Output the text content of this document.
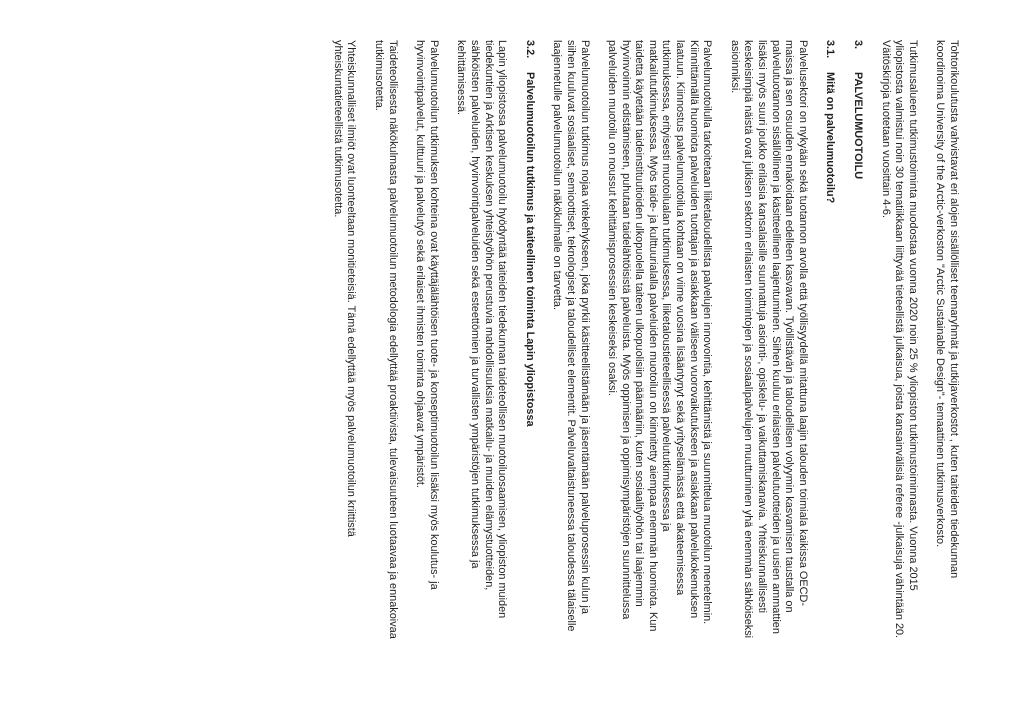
Tohtorikoulutusta vahvistavat eri alojen sisällölliset teemaryhmät ja tutkijaverkostot , kuten taiteiden tiedekunnan koordinoima University of the Arctic-verkoston "Arctic Sustainable Design"- temaattinen tutkimusverkosto.

Tutkimusalueen tutkimustoiminta muodostaa vuonna 2020 noin 25 % yliopiston tutkimustoiminnasta. Vuonna 2015 yliopistosta valmistui noin 30 tematiikkaan liittyvää tieteellistä julkaisua, joista kansainvälisiä referee -julkaisuja vähintään 20. Väitöskirjoja tuotetaan vuosittain 4-6.

3.PALVELUMUOTOILU
3.1.Mitä on palvelumuotoilu?

Palvelusektori on nykyään sekä tuotannon arvolla että työllisyydellä mitattuna laajin talouden toimiala kaikissa OECD-maissa ja sen osuuden ennakoidaan edelleen kasvavan. Työllistävän ja taloudellisen volyymin kasvamisen taustalla on palvelutuotannon sisällöllinen ja käsitteellinen laajentuminen. Siihen kuuluu erilaisten palvelutuotteiden ja uusien ammattien lisäksi myös suuri joukko erilaisia kansalaisille suunnattuja asiointi-, opiskelu- ja vaikuttamiskanavia. Yhteiskunnallisesti keskeisimpiä näistä ovat julkisen sektorin erilaisten toimintojen ja sosiaalipalvelujen muuttuminen yhä enemmän sähköiseksi asioinniksi.

Palvelumuotoilulla tarkoitetaan liiketaloudellista palvelujen innovointia, kehittämistä ja suunnittelua muotoilun menetelmin. Kiinnittämällä huomiota palveluiden tuottajan ja asiakkaan väliseen vuorovaikutukseen ja asiakkaan palvelukokemuksen laatuun. Kiinnostus palvelumuotoilua kohtaan on viime vuosina lisääntynyt sekä yrityselämässä että akateemisessa tutkimuksessa, erityisesti muotoilualan tutkimuksessa, liiketaloustieteellisessä palvelututkimuksessa ja matkailututkimuksessa. Myös taide- ja kulttuurialalla palveluiden muotoilun on kiinnitetty aiempaa enemmän huomiota. Kun taidetta käytetään taideinstituutioiden ulkopuolella taiteen ulkopuolisiin päämääriin, kuten sosiaalityöhön tai laajemmin hyvinvoinnin edistämiseen, puhutaan taidelähtöisistä palveluista. Myös oppimisen ja oppimisympäristöjen suunnittelussa palveluiden muotoilu on noussut kehittämisprosessien keskeiseksi osaksi.

Palvelumuotoilun tutkimus nojaa vitekehykseen, joka pyrkii käsitteellistämään ja jäsentämään palveluprosessin kulun ja siihen kuuluvat sosiaaliset, semioottiset, teknologiset ja taloudelliset elementit. Palveluvaltaistuneessa taloudessa tälaiselle laajennetulle palvelumuotoilun näkökulmalle on tarvetta.

3.2.Palvelumuotoilun tutkimus ja taiteellinen toiminta Lapin yliopistossa

Lapin yliopistossa palvelumuotoilu hyödyntää taiteiden tiedekunnan taideteollisen muotoiluosaamisen, yliopiston muiden tiedekuntien ja Arktisen keskuksen yhteistyöhön perustuvia mahdollisuuksia matkailu- ja muiden elämystuotteiden, sähköisten palveluiden, hyvinvointipalveluiden sekä esteettömien ja turvallisten ympäristöjen tutkimuksessa ja kehittämisessä.

Palvelumuotoilun tutkimuksen kohteina ovat käyttäjälähtöisen tuote- ja konseptimuotoilun lisäksi myös koulutus- ja hyvinvointipalvelut, kulttuuri ja palvelutyö sekä erilaiset ihmisten toiminta ohjaavat ympäristöt.

Taideteollisesta näkökulmasta palvelumuotoilun metodologia edellyttää proaktiivista, tulevaisuuteen luotaavaa ja ennakoivaa tutkimusotetta.

Yhteiskunnalliset ilmiöt ovat luonteeltaan monitieteisiä. Tämä edellyttää myös palvelumuotoilun kriittistä yhteiskuntatieteellistä tutkimusotetta.
